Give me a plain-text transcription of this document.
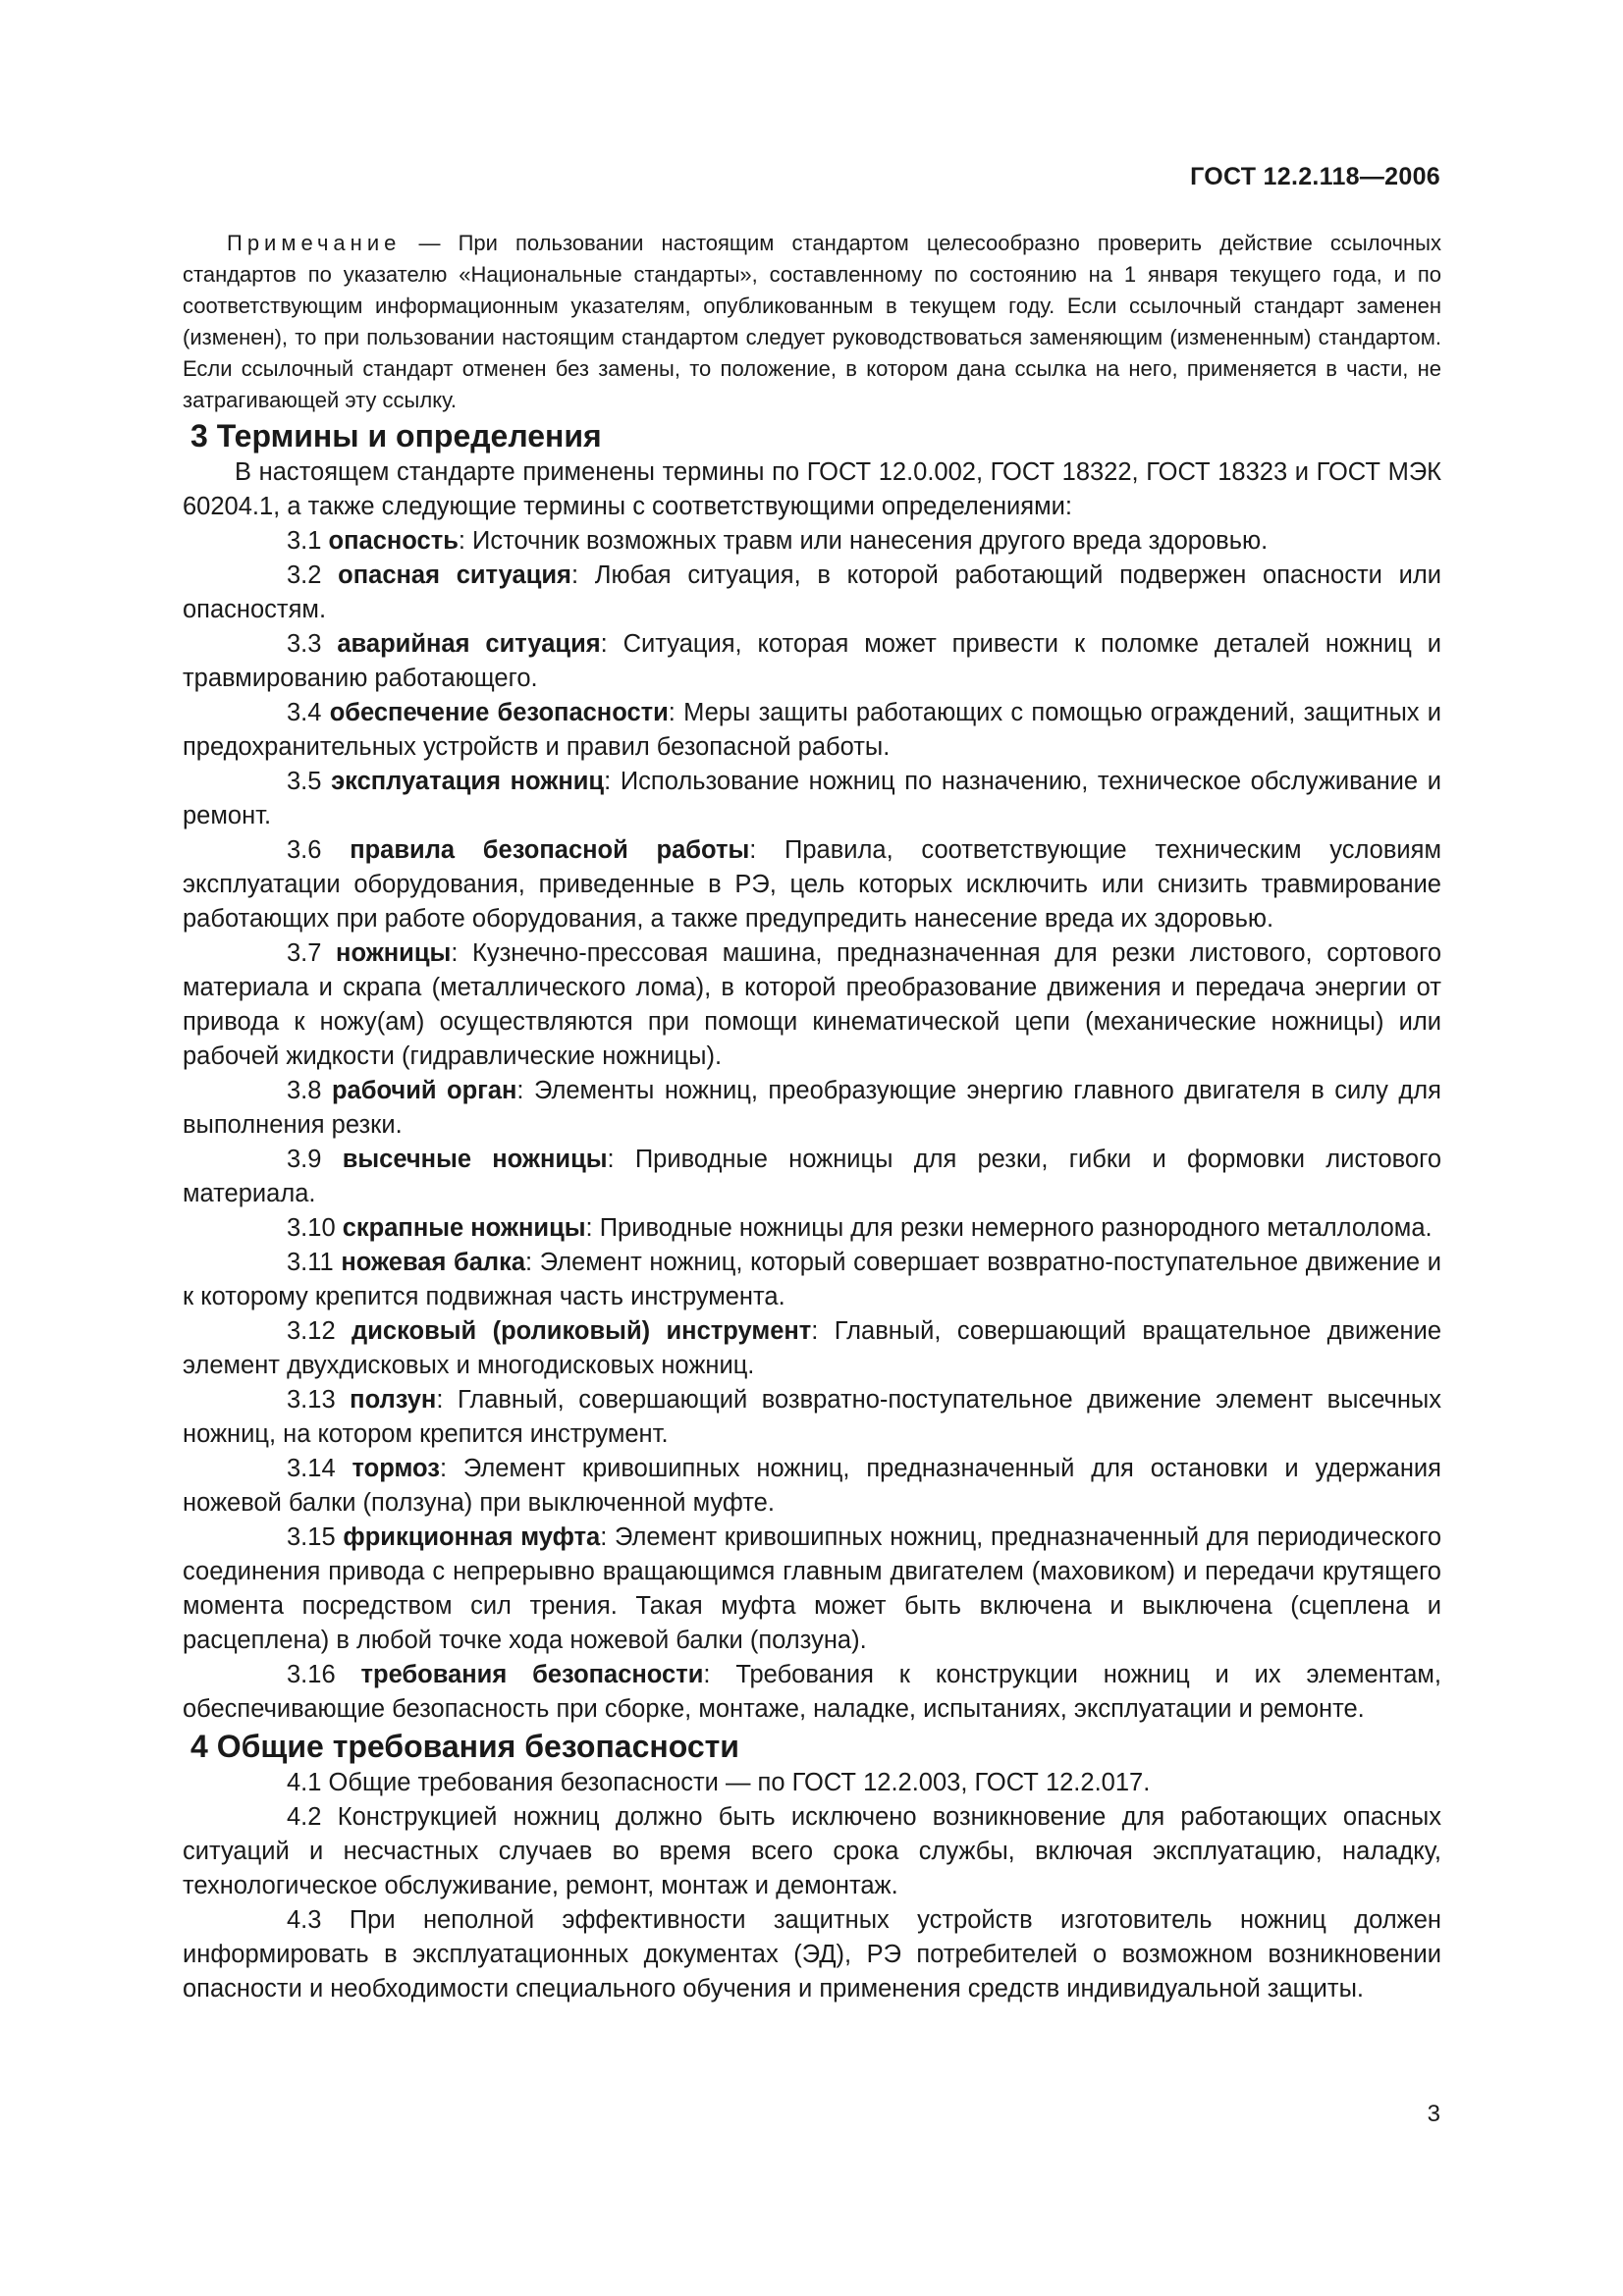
ГОСТ 12.2.118—2006

Примечание — При пользовании настоящим стандартом целесообразно проверить действие ссылочных стандартов по указателю «Национальные стандарты», составленному по состоянию на 1 января текущего года, и по соответствующим информационным указателям, опубликованным в текущем году. Если ссылочный стандарт заменен (изменен), то при пользовании настоящим стандартом следует руководствоваться заменяющим (измененным) стандартом. Если ссылочный стандарт отменен без замены, то положение, в котором дана ссылка на него, применяется в части, не затрагивающей эту ссылку.

3 Термины и определения

В настоящем стандарте применены термины по ГОСТ 12.0.002, ГОСТ 18322, ГОСТ 18323 и ГОСТ МЭК 60204.1, а также следующие термины с соответствующими определениями:

3.1 опасность: Источник возможных травм или нанесения другого вреда здоровью.

3.2 опасная ситуация: Любая ситуация, в которой работающий подвержен опасности или опасностям.

3.3 аварийная ситуация: Ситуация, которая может привести к поломке деталей ножниц и травмированию работающего.

3.4 обеспечение безопасности: Меры защиты работающих с помощью ограждений, защитных и предохранительных устройств и правил безопасной работы.

3.5 эксплуатация ножниц: Использование ножниц по назначению, техническое обслуживание и ремонт.

3.6 правила безопасной работы: Правила, соответствующие техническим условиям эксплуатации оборудования, приведенные в РЭ, цель которых исключить или снизить травмирование работающих при работе оборудования, а также предупредить нанесение вреда их здоровью.

3.7 ножницы: Кузнечно-прессовая машина, предназначенная для резки листового, сортового материала и скрапа (металлического лома), в которой преобразование движения и передача энергии от привода к ножу(ам) осуществляются при помощи кинематической цепи (механические ножницы) или рабочей жидкости (гидравлические ножницы).

3.8 рабочий орган: Элементы ножниц, преобразующие энергию главного двигателя в силу для выполнения резки.

3.9 высечные ножницы: Приводные ножницы для резки, гибки и формовки листового материала.

3.10 скрапные ножницы: Приводные ножницы для резки немерного разнородного металлолома.

3.11 ножевая балка: Элемент ножниц, который совершает возвратно-поступательное движение и к которому крепится подвижная часть инструмента.

3.12 дисковый (роликовый) инструмент: Главный, совершающий вращательное движение элемент двухдисковых и многодисковых ножниц.

3.13 ползун: Главный, совершающий возвратно-поступательное движение элемент высечных ножниц, на котором крепится инструмент.

3.14 тормоз: Элемент кривошипных ножниц, предназначенный для остановки и удержания ножевой балки (ползуна) при выключенной муфте.

3.15 фрикционная муфта: Элемент кривошипных ножниц, предназначенный для периодического соединения привода с непрерывно вращающимся главным двигателем (маховиком) и передачи крутящего момента посредством сил трения. Такая муфта может быть включена и выключена (сцеплена и расцеплена) в любой точке хода ножевой балки (ползуна).

3.16 требования безопасности: Требования к конструкции ножниц и их элементам, обеспечивающие безопасность при сборке, монтаже, наладке, испытаниях, эксплуатации и ремонте.

4 Общие требования безопасности

4.1 Общие требования безопасности — по ГОСТ 12.2.003, ГОСТ 12.2.017.

4.2 Конструкцией ножниц должно быть исключено возникновение для работающих опасных ситуаций и несчастных случаев во время всего срока службы, включая эксплуатацию, наладку, технологическое обслуживание, ремонт, монтаж и демонтаж.

4.3 При неполной эффективности защитных устройств изготовитель ножниц должен информировать в эксплуатационных документах (ЭД), РЭ потребителей о возможном возникновении опасности и необходимости специального обучения и применения средств индивидуальной защиты.

3
